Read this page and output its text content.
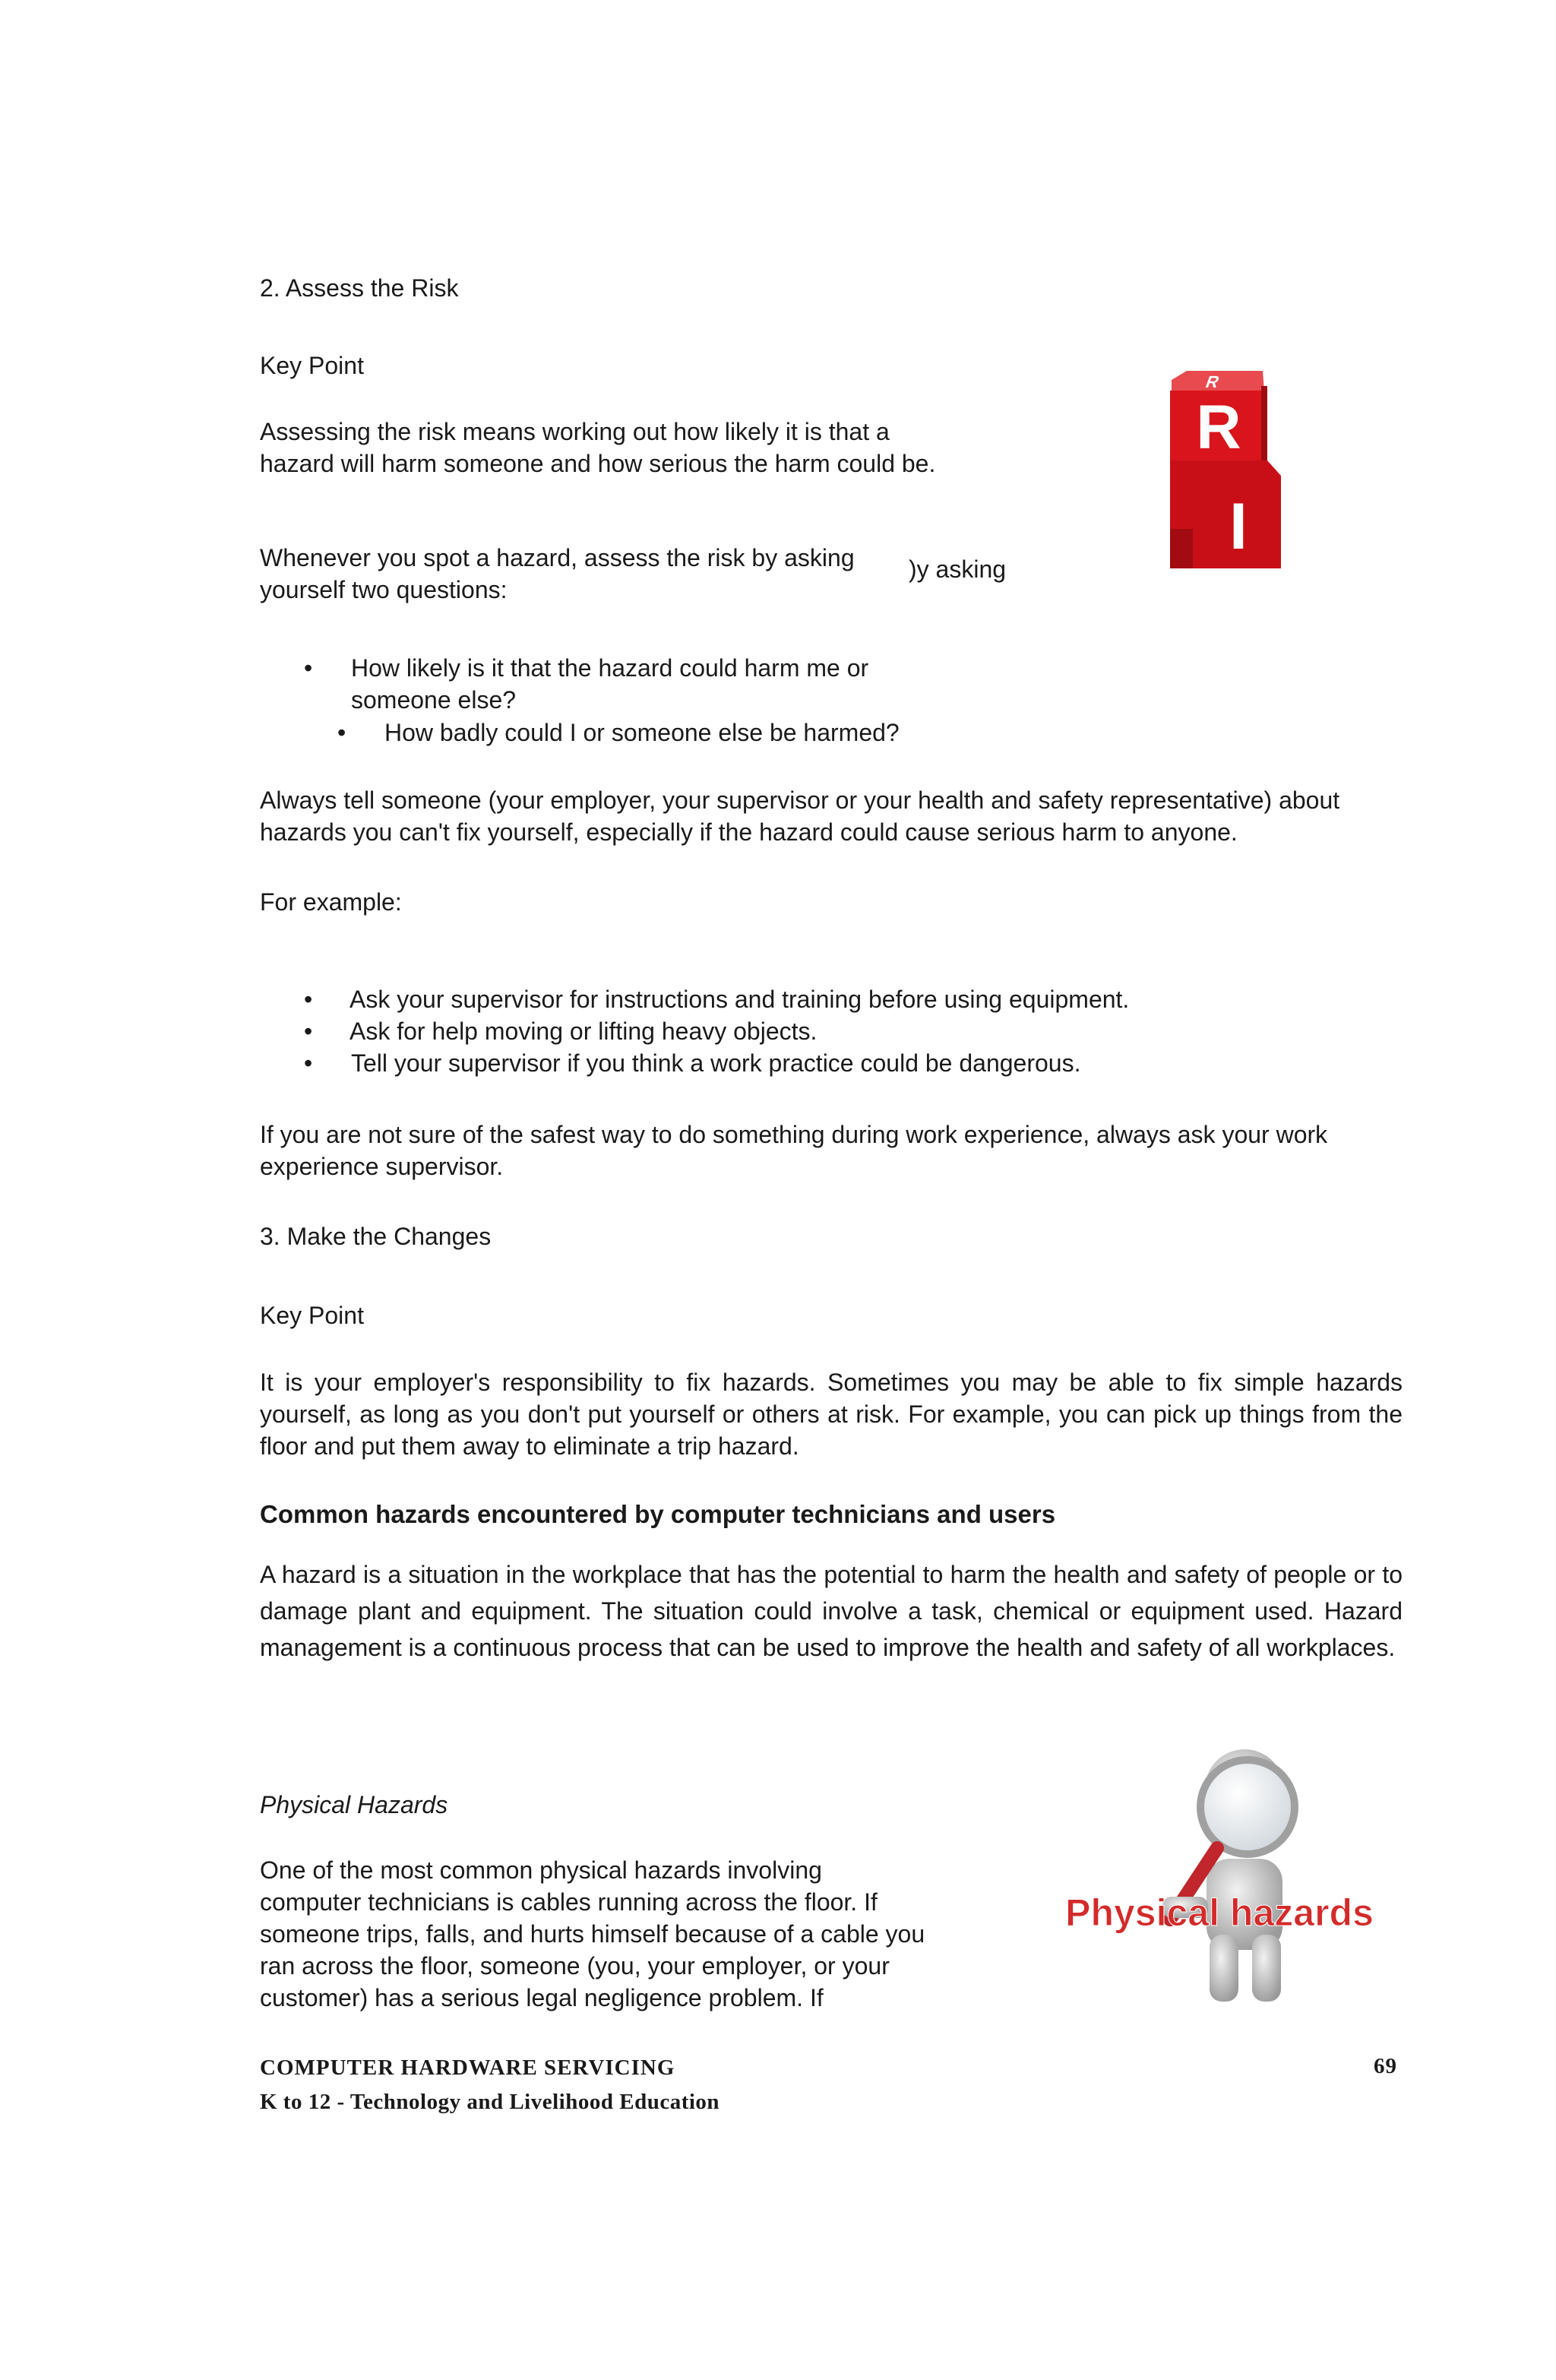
2. Assess the Risk

Key Point

Assessing the risk means working out how likely it is that a hazard will harm someone and how serious the harm could be.

Whenever you spot a hazard, assess the risk by asking yourself two questions:

)y asking

R
I
R
• How likely is it that the hazard could harm me or someone else?
• How badly could I or someone else be harmed?

Always tell someone (your employer, your supervisor or your health and safety representative) about hazards you can't fix yourself, especially if the hazard could cause serious harm to anyone.

For example:

• Ask your supervisor for instructions and training before using equipment.
• Ask for help moving or lifting heavy objects.
• Tell your supervisor if you think a work practice could be dangerous.

If you are not sure of the safest way to do something during work experience, always ask your work experience supervisor.

3. Make the Changes

Key Point

It is your employer's responsibility to fix hazards. Sometimes you may be able to fix simple hazards yourself, as long as you don't put yourself or others at risk. For example, you can pick up things from the floor and put them away to eliminate a trip hazard.

Common hazards encountered by computer technicians and users

A hazard is a situation in the workplace that has the potential to harm the health and safety of people or to damage plant and equipment. The situation could involve a task, chemical or equipment used. Hazard management is a continuous process that can be used to improve the health and safety of all workplaces.

Physical Hazards

One of the most common physical hazards involving computer technicians is cables running across the floor. If someone trips, falls, and hurts himself because of a cable you ran across the floor, someone (you, your employer, or your customer) has a serious legal negligence problem. If

Physical hazards

COMPUTER HARDWARE SERVICING

K to 12 - Technology and Livelihood Education

69
